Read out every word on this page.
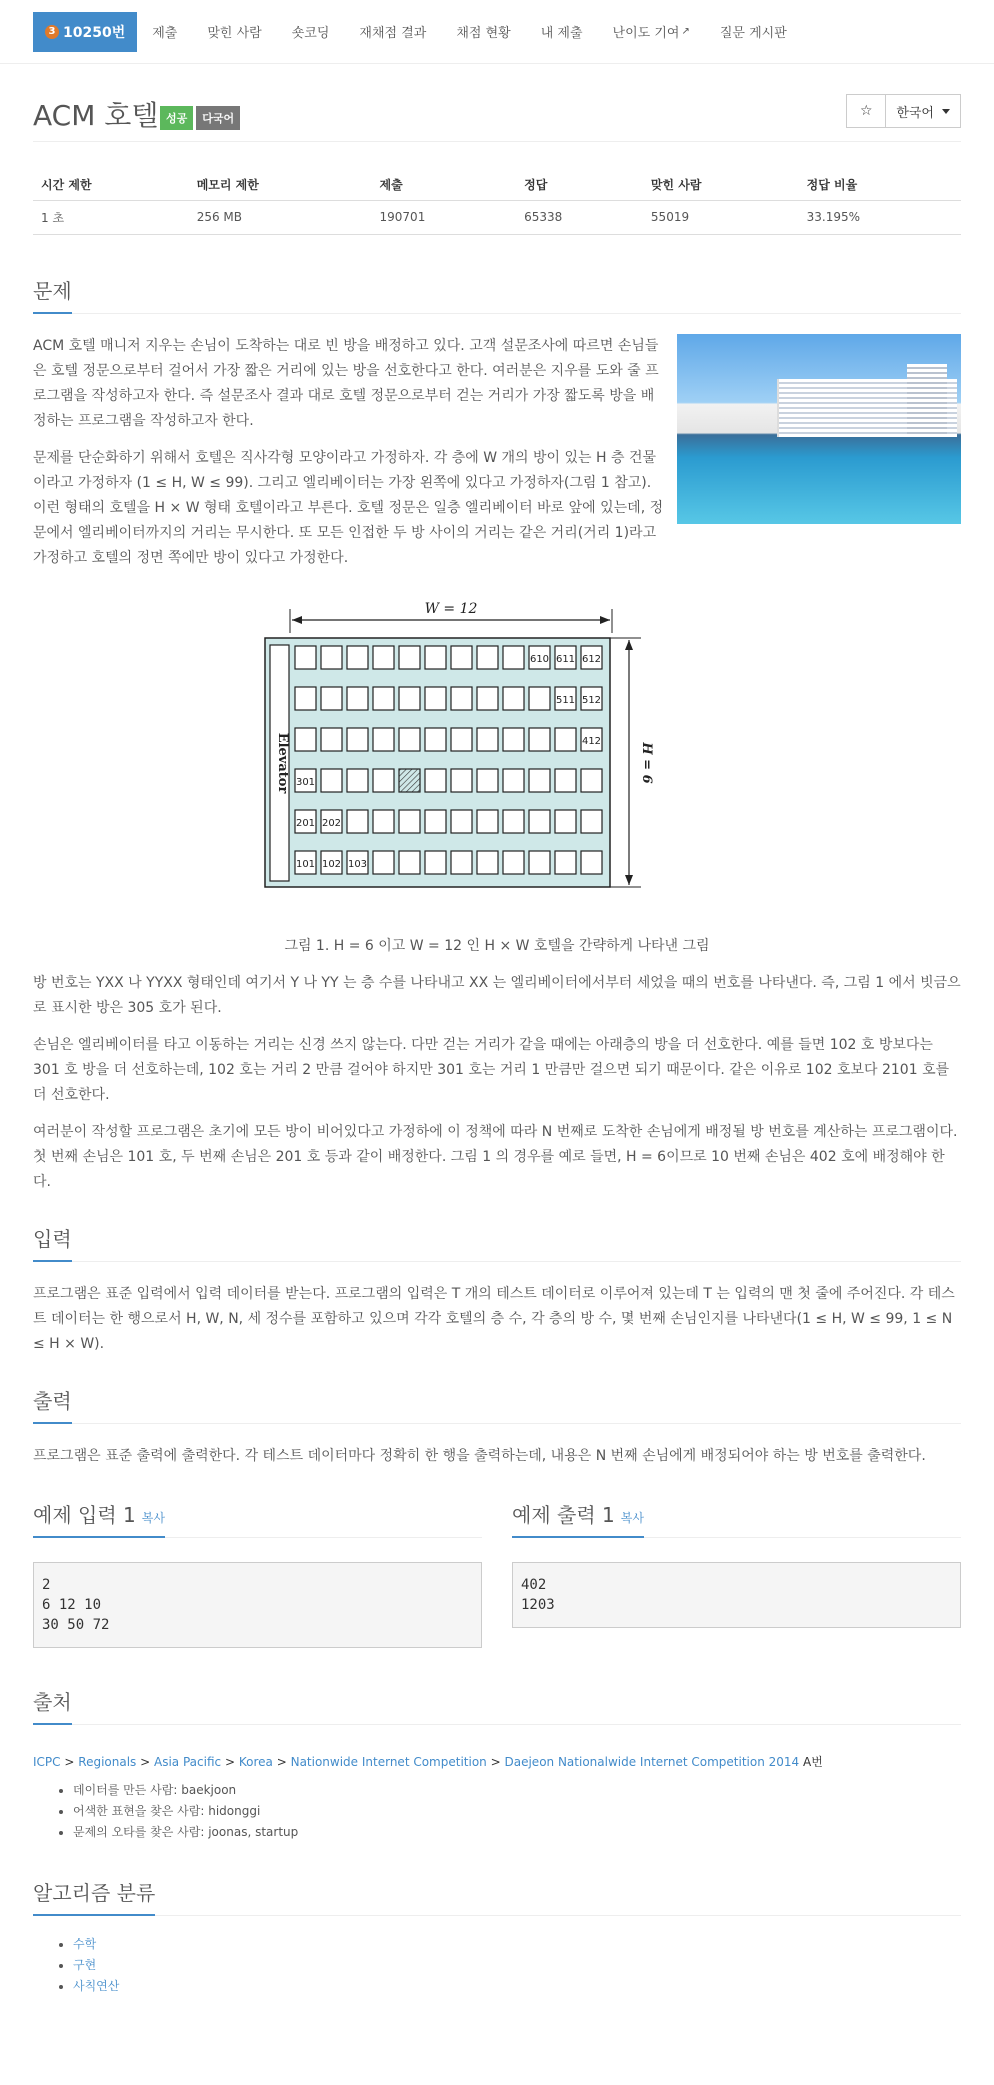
3 10250번	제출	맞힌 사람	숏코딩	재채점 결과	채점 현황	내 제출	난이도 기여 ↗	질문 게시판
ACM 호텔 성공	다국어	☆ 한국어
시간 제한	메모리 제한	제출	정답	맞힌 사람	정답 비율
1 초	256 MB	190701	65338	55019	33.195%
문제

ACM 호텔 매니저 지우는 손님이 도착하는 대로 빈 방을 배정하고 있다. 고객 설문조사에 따르면 손님들은 호텔 정문으로부터 걸어서 가장 짧은 거리에 있는 방을 선호한다고 한다. 여러분은 지우를 도와 줄 프로그램을 작성하고자 한다. 즉 설문조사 결과 대로 호텔 정문으로부터 걷는 거리가 가장 짧도록 방을 배정하는 프로그램을 작성하고자 한다.

문제를 단순화하기 위해서 호텔은 직사각형 모양이라고 가정하자. 각 층에 W 개의 방이 있는 H 층 건물이라고 가정하자 (1 ≤ H, W ≤ 99). 그리고 엘리베이터는 가장 왼쪽에 있다고 가정하자(그림 1 참고). 이런 형태의 호텔을 H × W 형태 호텔이라고 부른다. 호텔 정문은 일층 엘리베이터 바로 앞에 있는데, 정문에서 엘리베이터까지의 거리는 무시한다. 또 모든 인접한 두 방 사이의 거리는 같은 거리(거리 1)라고 가정하고 호텔의 정면 쪽에만 방이 있다고 가정한다.

W = 12
Elevator	H = 6
610 611 612
511 512
412
301
201 202
101 102 103
그림 1. H = 6 이고 W = 12 인 H × W 호텔을 간략하게 나타낸 그림

방 번호는 YXX 나 YYXX 형태인데 여기서 Y 나 YY 는 층 수를 나타내고 XX 는 엘리베이터에서부터 세었을 때의 번호를 나타낸다. 즉, 그림 1 에서 빗금으로 표시한 방은 305 호가 된다.

손님은 엘리베이터를 타고 이동하는 거리는 신경 쓰지 않는다. 다만 걷는 거리가 같을 때에는 아래층의 방을 더 선호한다. 예를 들면 102 호 방보다는 301 호 방을 더 선호하는데, 102 호는 거리 2 만큼 걸어야 하지만 301 호는 거리 1 만큼만 걸으면 되기 때문이다. 같은 이유로 102 호보다 2101 호를 더 선호한다.

여러분이 작성할 프로그램은 초기에 모든 방이 비어있다고 가정하에 이 정책에 따라 N 번째로 도착한 손님에게 배정될 방 번호를 계산하는 프로그램이다. 첫 번째 손님은 101 호, 두 번째 손님은 201 호 등과 같이 배정한다. 그림 1 의 경우를 예로 들면, H = 6이므로 10 번째 손님은 402 호에 배정해야 한다.

입력

프로그램은 표준 입력에서 입력 데이터를 받는다. 프로그램의 입력은 T 개의 테스트 데이터로 이루어져 있는데 T 는 입력의 맨 첫 줄에 주어진다. 각 테스트 데이터는 한 행으로서 H, W, N, 세 정수를 포함하고 있으며 각각 호텔의 층 수, 각 층의 방 수, 몇 번째 손님인지를 나타낸다(1 ≤ H, W ≤ 99, 1 ≤ N ≤ H × W).

출력

프로그램은 표준 출력에 출력한다. 각 테스트 데이터마다 정확히 한 행을 출력하는데, 내용은 N 번째 손님에게 배정되어야 하는 방 번호를 출력한다.

예제 입력 1 복사
2
6 12 10
30 50 72
예제 출력 1 복사
402
1203
출처

ICPC > Regionals > Asia Pacific > Korea > Nationwide Internet Competition > Daejeon Nationalwide Internet Competition 2014 A번

• 데이터를 만든 사람: baekjoon
• 어색한 표현을 찾은 사람: hidonggi
• 문제의 오타를 찾은 사람: joonas, startup
알고리즘 분류
• 수학
• 구현
• 사칙연산
